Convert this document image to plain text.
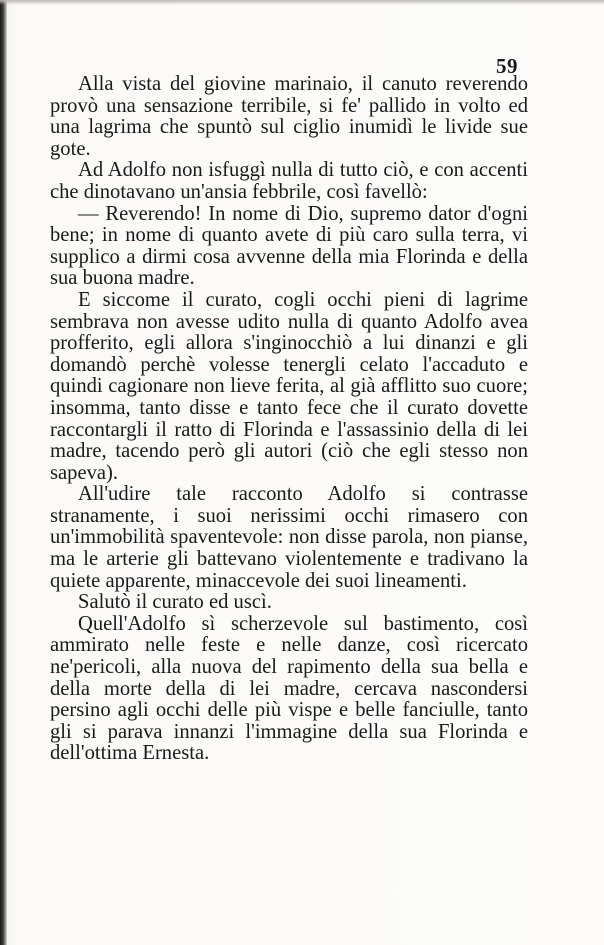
59

Alla vista del giovine marinaio, il canuto reverendo provò una sensazione terribile, si fe' pallido in volto ed una lagrima che spuntò sul ciglio inumidì le livide sue gote.

Ad Adolfo non isfuggì nulla di tutto ciò, e con accenti che dinotavano un'ansia febbrile, così favellò:

— Reverendo! In nome di Dio, supremo dator d'ogni bene; in nome di quanto avete di più caro sulla terra, vi supplico a dirmi cosa avvenne della mia Florinda e della sua buona madre.

E siccome il curato, cogli occhi pieni di lagrime sembrava non avesse udito nulla di quanto Adolfo avea profferito, egli allora s'inginocchiò a lui dinanzi e gli domandò perchè volesse tenergli celato l'accaduto e quindi cagionare non lieve ferita, al già afflitto suo cuore; insomma, tanto disse e tanto fece che il curato dovette raccontargli il ratto di Florinda e l'assassinio della di lei madre, tacendo però gli autori (ciò che egli stesso non sapeva).

All'udire tale racconto Adolfo si contrasse stranamente, i suoi nerissimi occhi rimasero con un'immobilità spaventevole: non disse parola, non pianse, ma le arterie gli battevano violentemente e tradivano la quiete apparente, minaccevole dei suoi lineamenti.

Salutò il curato ed uscì.

Quell'Adolfo sì scherzevole sul bastimento, così ammirato nelle feste e nelle danze, così ricercato ne'pericoli, alla nuova del rapimento della sua bella e della morte della di lei madre, cercava nascondersi persino agli occhi delle più vispe e belle fanciulle, tanto gli si parava innanzi l'immagine della sua Florinda e dell'ottima Ernesta.
